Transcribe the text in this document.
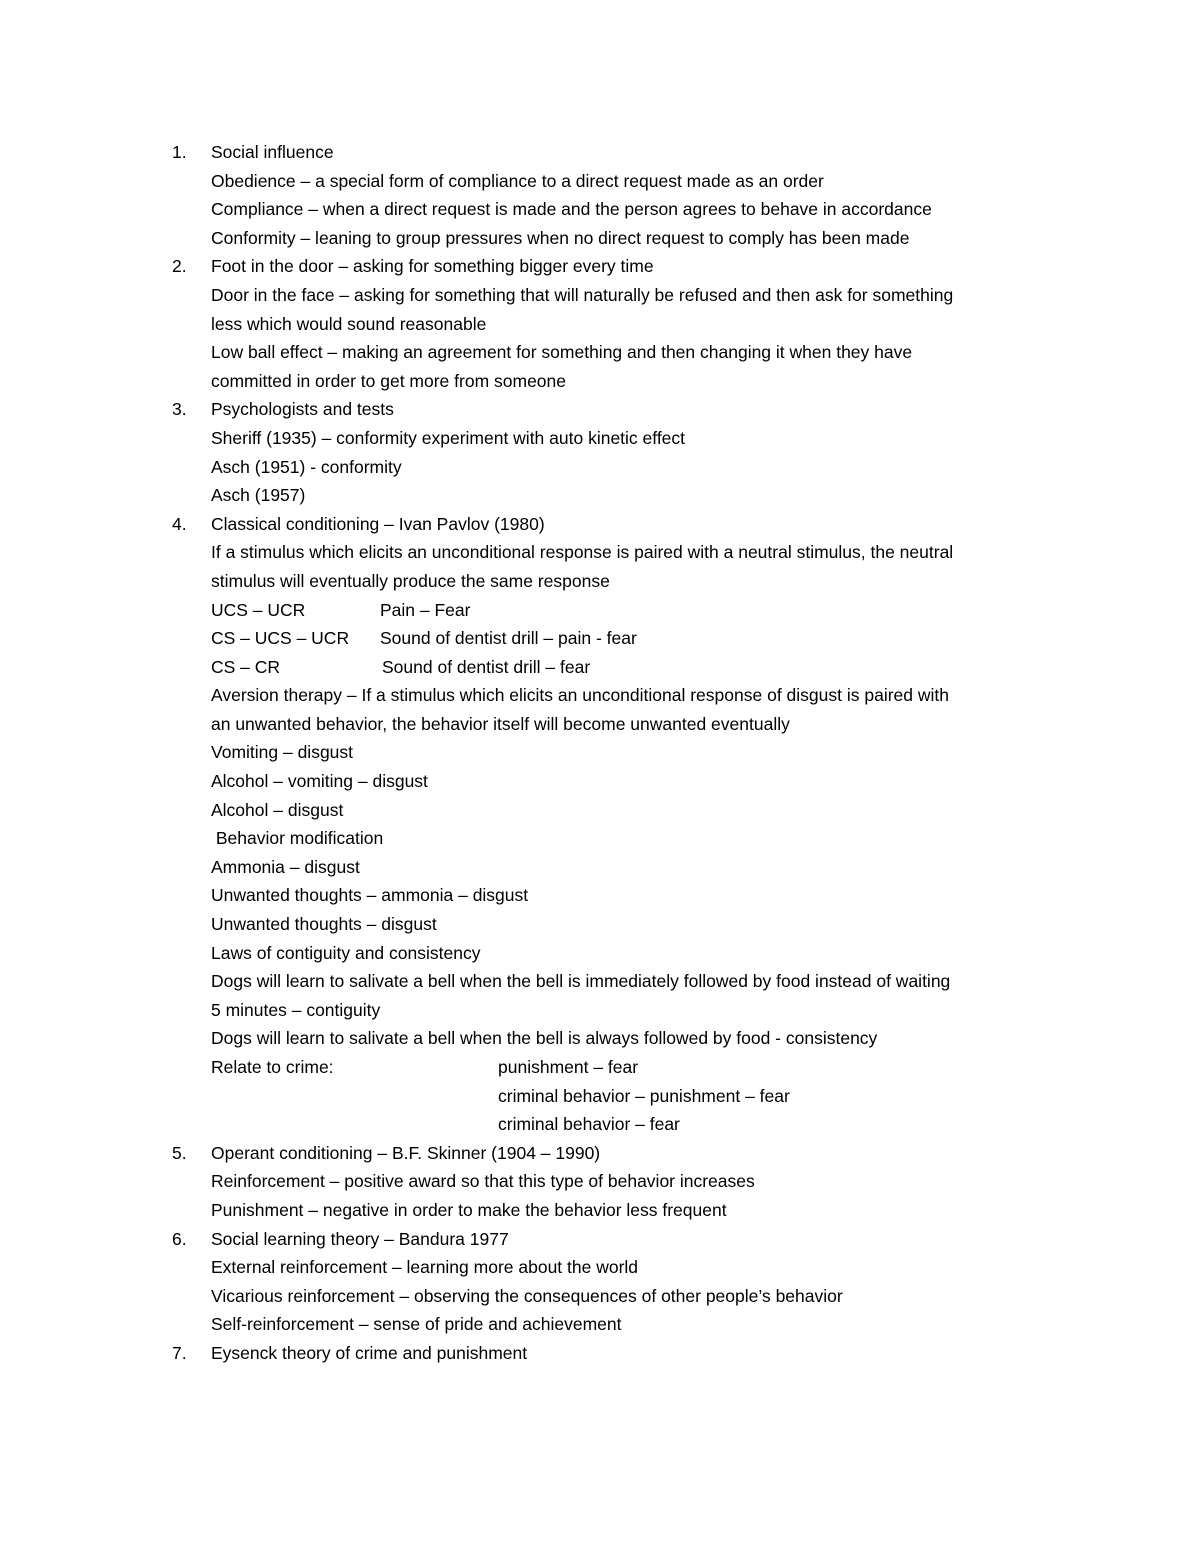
1. Social influence
Obedience – a special form of compliance to a direct request made as an order
Compliance – when a direct request is made and the person agrees to behave in accordance
Conformity – leaning to group pressures when no direct request to comply has been made
2. Foot in the door – asking for something bigger every time
Door in the face – asking for something that will naturally be refused and then ask for something
less which would sound reasonable
Low ball effect – making an agreement for something and then changing it when they have
committed in order to get more from someone
3. Psychologists and tests
Sheriff (1935) – conformity experiment with auto kinetic effect
Asch (1951) - conformity
Asch (1957)
4. Classical conditioning – Ivan Pavlov (1980)
If a stimulus which elicits an unconditional response is paired with a neutral stimulus, the neutral
stimulus will eventually produce the same response
UCS – UCR	Pain – Fear
CS – UCS – UCR Sound of dentist drill – pain - fear
CS – CR	Sound of dentist drill – fear
Aversion therapy – If a stimulus which elicits an unconditional response of disgust is paired with
an unwanted behavior, the behavior itself will become unwanted eventually
Vomiting – disgust
Alcohol – vomiting – disgust
Alcohol – disgust
Behavior modification
Ammonia – disgust
Unwanted thoughts – ammonia – disgust
Unwanted thoughts – disgust
Laws of contiguity and consistency
Dogs will learn to salivate a bell when the bell is immediately followed by food instead of waiting
5 minutes – contiguity
Dogs will learn to salivate a bell when the bell is always followed by food - consistency
Relate to crime:	punishment – fear
criminal behavior – punishment – fear
criminal behavior – fear
5. Operant conditioning – B.F. Skinner (1904 – 1990)
Reinforcement – positive award so that this type of behavior increases
Punishment – negative in order to make the behavior less frequent
6. Social learning theory – Bandura 1977
External reinforcement – learning more about the world
Vicarious reinforcement – observing the consequences of other people’s behavior
Self-reinforcement – sense of pride and achievement
7. Eysenck theory of crime and punishment
